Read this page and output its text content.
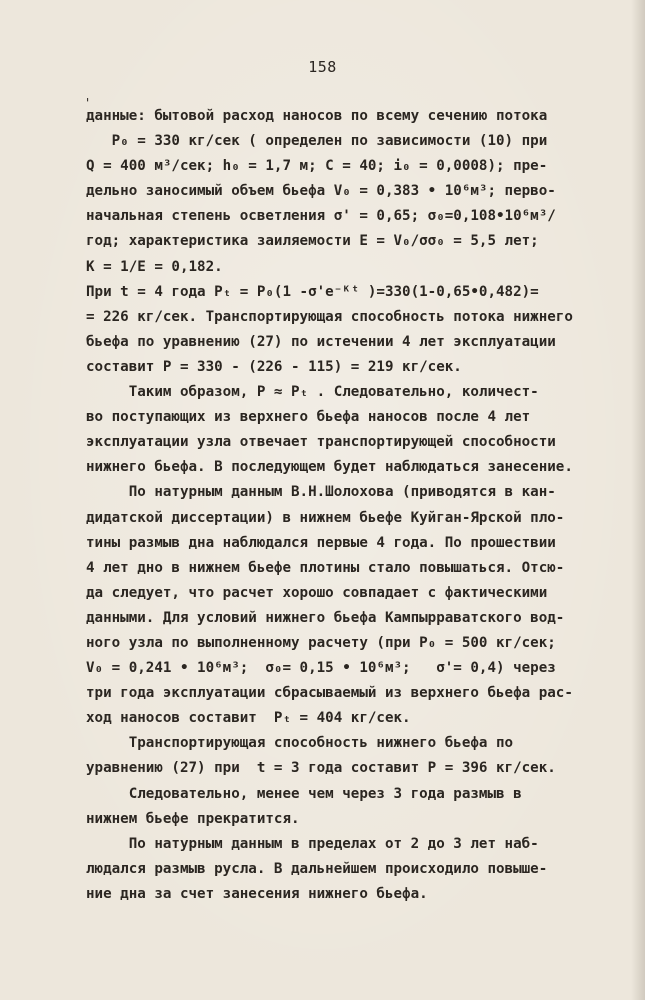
158
'
данные: бытовой расход наносов по всему сечению потока
P₀ = 330 кг/сек ( определен по зависимости (10) при
Q = 400 м³/сек; h₀ = 1,7 м; C = 40; i₀ = 0,0008); пре-
дельно заносимый объем бьефа V₀ = 0,383 • 10⁶м³; перво-
начальная степень осветления σ' = 0,65; σ₀=0,108•10⁶м³/
год; характеристика заиляемости E = V₀/σσ₀ = 5,5 лет;
K = 1/E = 0,182.
При t = 4 года Pₜ = P₀(1 -σ'e⁻ᴷᵗ )=330(1-0,65•0,482)=
= 226 кг/сек. Транспортирующая способность потока нижнего
бьефа по уравнению (27) по истечении 4 лет эксплуатации
составит P = 330 - (226 - 115) = 219 кг/сек.
Таким образом, P ≈ Pₜ . Следовательно, количест-
во поступающих из верхнего бьефа наносов после 4 лет
эксплуатации узла отвечает транспортирующей способности
нижнего бьефа. В последующем будет наблюдаться занесение.
По натурным данным В.Н.Шолохова (приводятся в кан-
дидатской диссертации) в нижнем бьефе Куйган-Ярской пло-
тины размыв дна наблюдался первые 4 года. По прошествии
4 лет дно в нижнем бьефе плотины стало повышаться. Отсю-
да следует, что расчет хорошо совпадает с фактическими
данными. Для условий нижнего бьефа Кампырраватского вод-
ного узла по выполненному расчету (при P₀ = 500 кг/сек;
V₀ = 0,241 • 10⁶м³;  σ₀= 0,15 • 10⁶м³;   σ'= 0,4) через
три года эксплуатации сбрасываемый из верхнего бьефа рас-
ход наносов составит  Pₜ = 404 кг/сек.
Транспортирующая способность нижнего бьефа по
уравнению (27) при  t = 3 года составит P = 396 кг/сек.
Следовательно, менее чем через 3 года размыв в
нижнем бьефе прекратится.
По натурным данным в пределах от 2 до 3 лет наб-
людался размыв русла. В дальнейшем происходило повыше-
ние дна за счет занесения нижнего бьефа.
